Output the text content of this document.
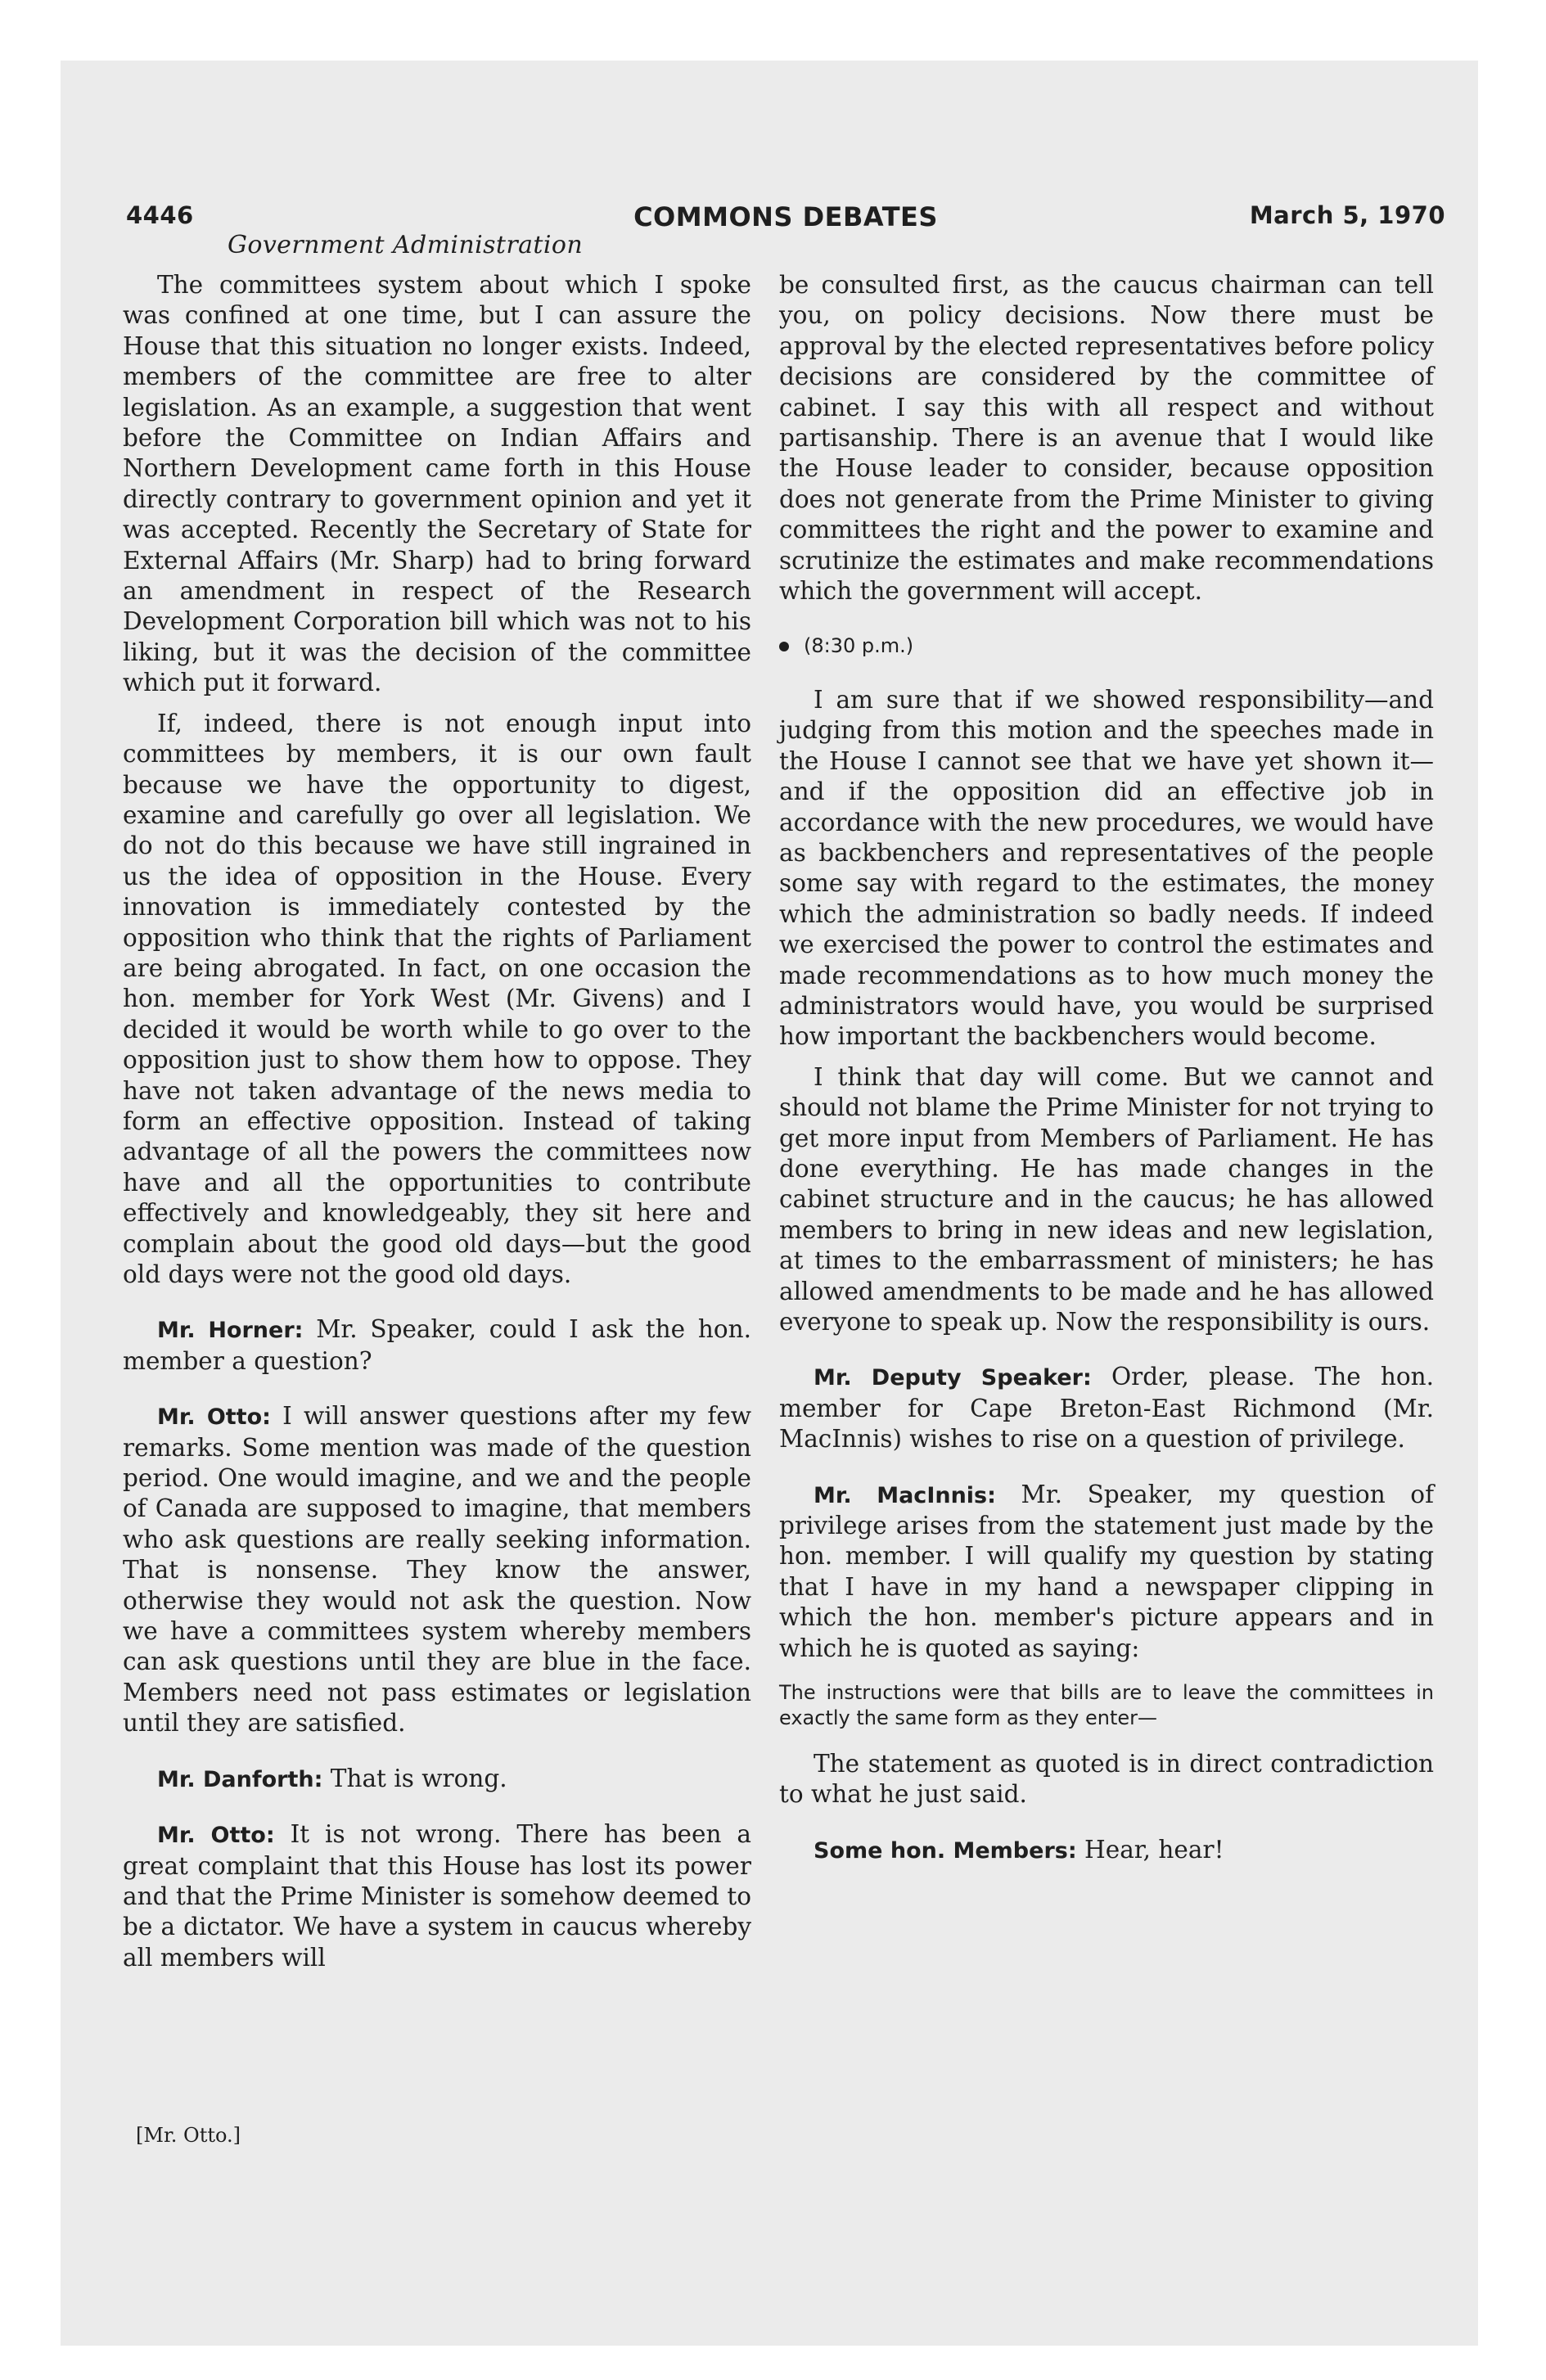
4446	COMMONS DEBATES	March 5, 1970
Government Administration

The committees system about which I spoke was confined at one time, but I can assure the House that this situation no longer exists. Indeed, members of the committee are free to alter legislation. As an example, a suggestion that went before the Committee on Indian Affairs and Northern Development came forth in this House directly contrary to government opinion and yet it was accepted. Recently the Secretary of State for External Affairs (Mr. Sharp) had to bring forward an amendment in respect of the Research Development Corporation bill which was not to his liking, but it was the decision of the committee which put it forward.

If, indeed, there is not enough input into committees by members, it is our own fault because we have the opportunity to digest, examine and carefully go over all legislation. We do not do this because we have still ingrained in us the idea of opposition in the House. Every innovation is immediately contested by the opposition who think that the rights of Parliament are being abrogated. In fact, on one occasion the hon. member for York West (Mr. Givens) and I decided it would be worth while to go over to the opposition just to show them how to oppose. They have not taken advantage of the news media to form an effective opposition. Instead of taking advantage of all the powers the committees now have and all the opportunities to contribute effectively and knowledgeably, they sit here and complain about the good old days—but the good old days were not the good old days.

Mr. Horner: Mr. Speaker, could I ask the hon. member a question?

Mr. Otto: I will answer questions after my few remarks. Some mention was made of the question period. One would imagine, and we and the people of Canada are supposed to imagine, that members who ask questions are really seeking information. That is nonsense. They know the answer, otherwise they would not ask the question. Now we have a committees system whereby members can ask questions until they are blue in the face. Members need not pass estimates or legislation until they are satisfied.

Mr. Danforth: That is wrong.

Mr. Otto: It is not wrong. There has been a great complaint that this House has lost its power and that the Prime Minister is somehow deemed to be a dictator. We have a system in caucus whereby all members will

[Mr. Otto.]

be consulted first, as the caucus chairman can tell you, on policy decisions. Now there must be approval by the elected representatives before policy decisions are considered by the committee of cabinet. I say this with all respect and without partisanship. There is an avenue that I would like the House leader to consider, because opposition does not generate from the Prime Minister to giving committees the right and the power to examine and scrutinize the estimates and make recommendations which the government will accept.

(8:30 p.m.)

I am sure that if we showed responsibility—and judging from this motion and the speeches made in the House I cannot see that we have yet shown it—and if the opposition did an effective job in accordance with the new procedures, we would have as backbenchers and representatives of the people some say with regard to the estimates, the money which the administration so badly needs. If indeed we exercised the power to control the estimates and made recommendations as to how much money the administrators would have, you would be surprised how important the backbenchers would become.

I think that day will come. But we cannot and should not blame the Prime Minister for not trying to get more input from Members of Parliament. He has done everything. He has made changes in the cabinet structure and in the caucus; he has allowed members to bring in new ideas and new legislation, at times to the embarrassment of ministers; he has allowed amendments to be made and he has allowed everyone to speak up. Now the responsibility is ours.

Mr. Deputy Speaker: Order, please. The hon. member for Cape Breton-East Richmond (Mr. MacInnis) wishes to rise on a question of privilege.

Mr. MacInnis: Mr. Speaker, my question of privilege arises from the statement just made by the hon. member. I will qualify my question by stating that I have in my hand a newspaper clipping in which the hon. member's picture appears and in which he is quoted as saying:

The instructions were that bills are to leave the committees in exactly the same form as they enter—

The statement as quoted is in direct contradiction to what he just said.

Some hon. Members: Hear, hear!
